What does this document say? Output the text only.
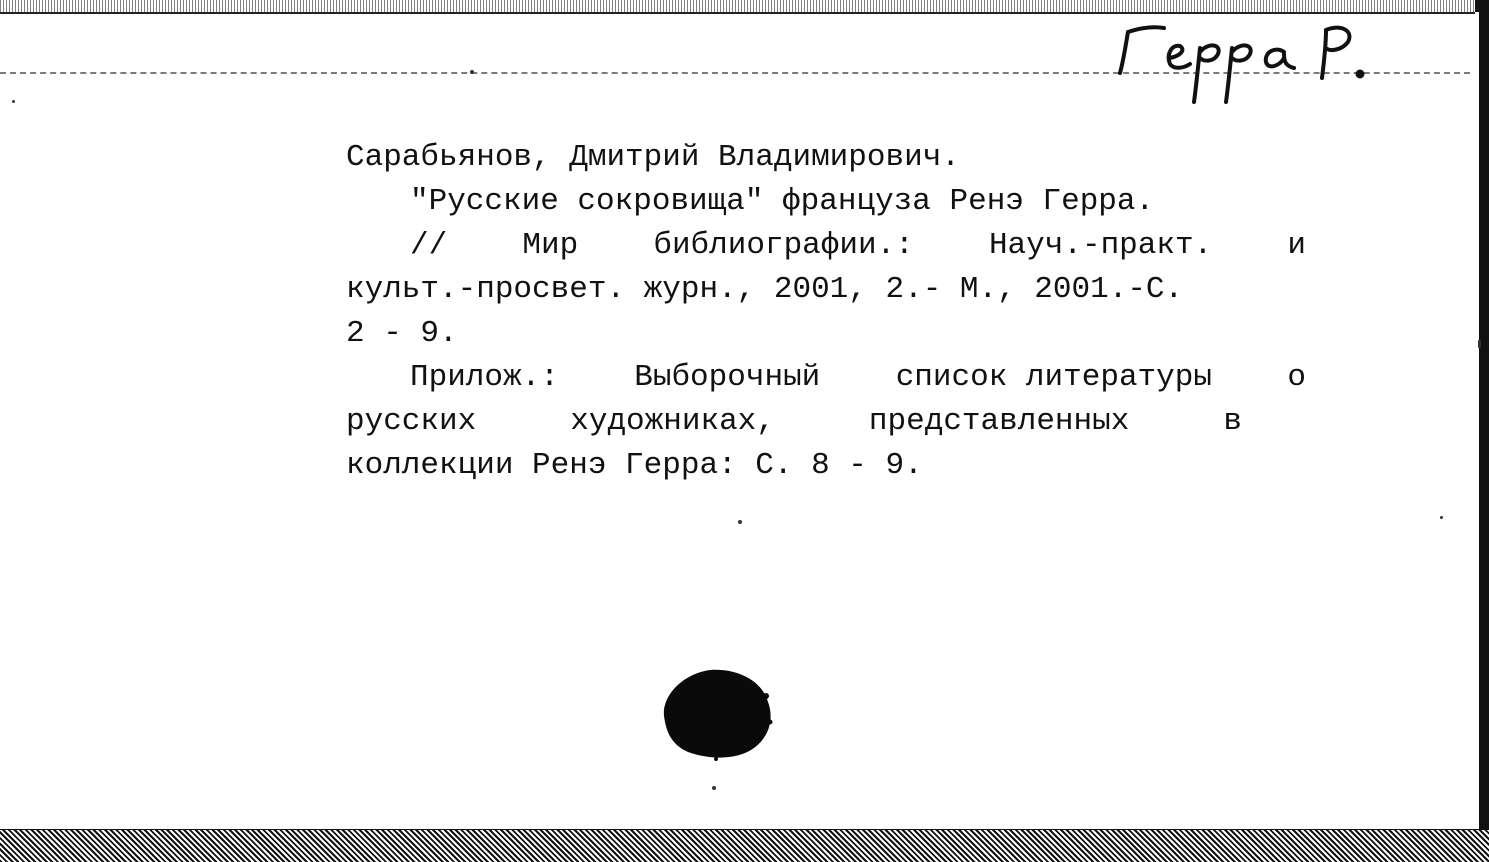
Герра Р.
Сарабьянов, Дмитрий Владимирович.
"Русские сокровища" француза Ренэ Герра.
// Мир библиографии.: Науч.-практ. и
культ.-просвет. журн., 2001, 2.- М., 2001.-С.
2 - 9.
Прилож.: Выборочный список литературы о
русских	художниках,	представленных	в
коллекции Ренэ Герра: С. 8 - 9.
